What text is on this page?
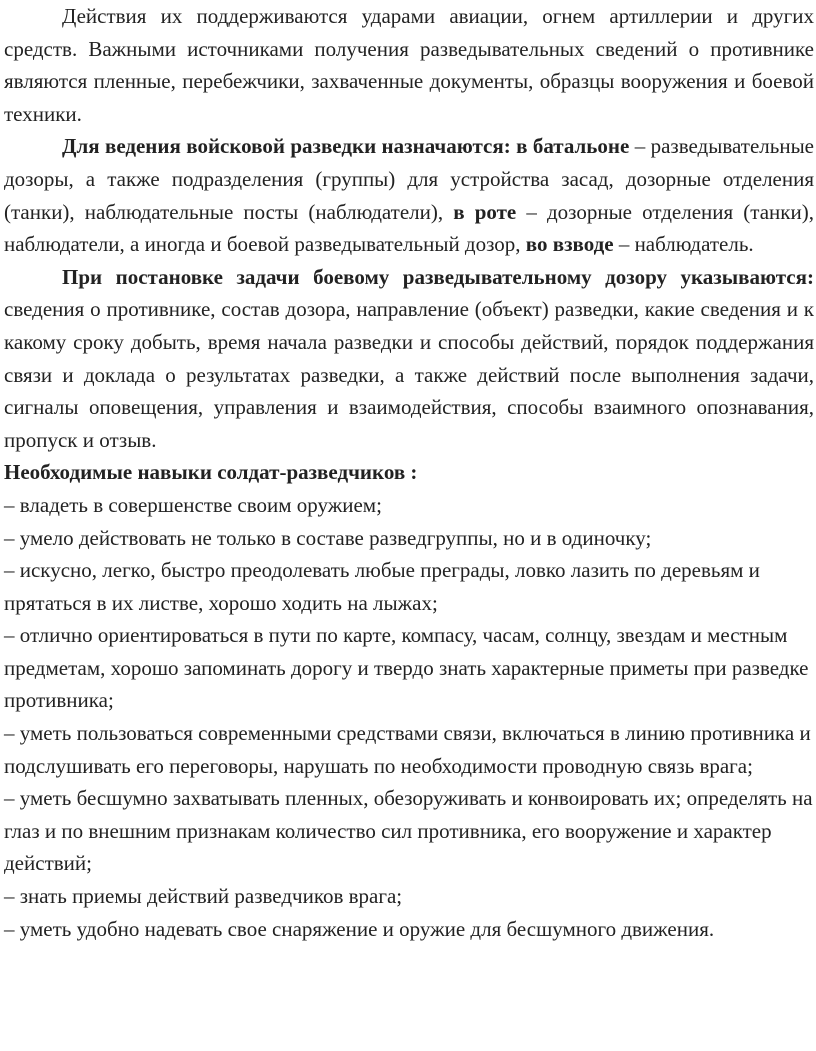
Действия их поддерживаются ударами авиации, огнем артиллерии и других средств. Важными источниками получения разведывательных сведений о противнике являются пленные, перебежчики, захваченные документы, образцы вооружения и боевой техники.

Для ведения войсковой разведки назначаются: в батальоне – разведывательные дозоры, а также подразделения (группы) для устройства засад, дозорные отделения (танки), наблюдательные посты (наблюдатели), в роте – дозорные отделения (танки), наблюдатели, а иногда и боевой разведывательный дозор, во взводе – наблюдатель.

При постановке задачи боевому разведывательному дозору указываются: сведения о противнике, состав дозора, направление (объект) разведки, какие сведения и к какому сроку добыть, время начала разведки и способы действий, порядок поддержания связи и доклада о результатах разведки, а также действий после выполнения задачи, сигналы оповещения, управления и взаимодействия, способы взаимного опознавания, пропуск и отзыв.

Необходимые навыки солдат-разведчиков :

– владеть в совершенстве своим оружием;

– умело действовать не только в составе разведгруппы, но и в одиночку;

– искусно, легко, быстро преодолевать любые преграды, ловко лазить по деревьям и прятаться в их листве, хорошо ходить на лыжах;

– отлично ориентироваться в пути по карте, компасу, часам, солнцу, звездам и местным предметам, хорошо запоминать дорогу и твердо знать характерные приметы при разведке противника;

– уметь пользоваться современными средствами связи, включаться в линию противника и подслушивать его переговоры, нарушать по необходимости проводную связь врага;

– уметь бесшумно захватывать пленных, обезоруживать и конвоировать их; определять на глаз и по внешним признакам количество сил противника, его вооружение и характер действий;

– знать приемы действий разведчиков врага;

– уметь удобно надевать свое снаряжение и оружие для бесшумного движения.
